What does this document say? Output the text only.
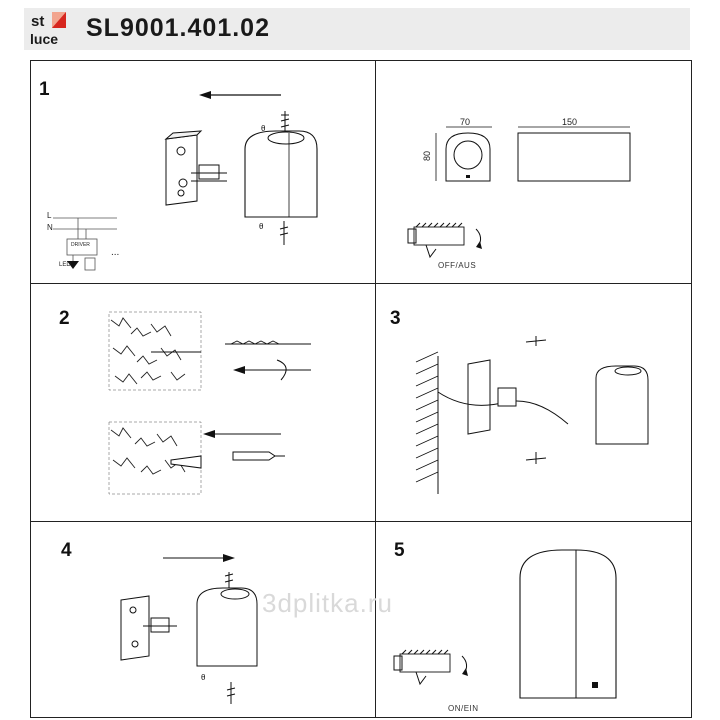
st
luce SL9001.401.02
1
θ
θ
L
N
DRIVER
LED
...
70
80
150
OFF/AUS
2	3
4
θ
5
ON/EIN
3dplitka.ru
